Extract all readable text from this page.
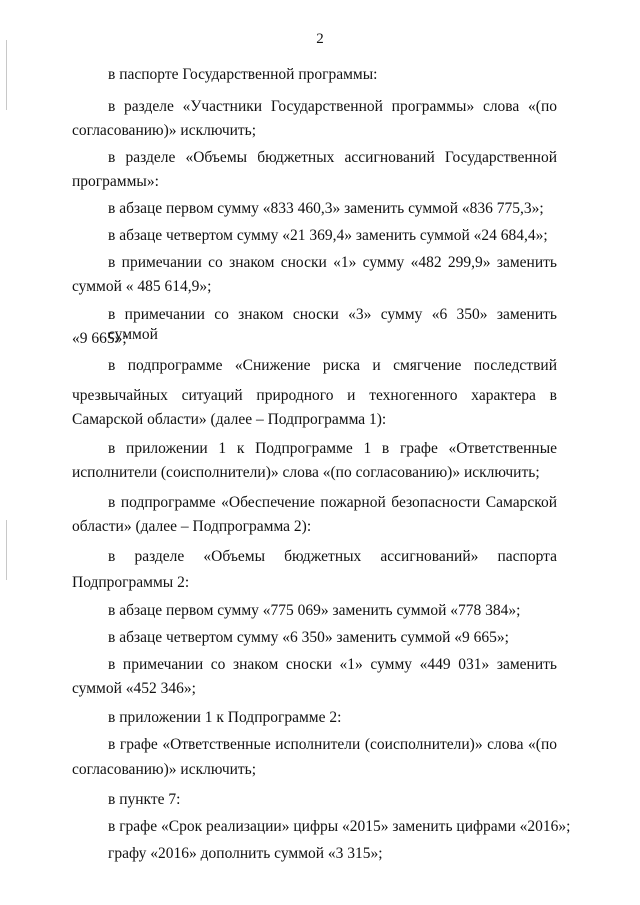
2
в паспорте Государственной программы:
в разделе «Участники Государственной программы» слова «(по
согласованию)» исключить;
в разделе «Объемы бюджетных ассигнований Государственной
программы»:
в абзаце первом сумму «833 460,3» заменить суммой «836 775,3»;
в абзаце четвертом сумму «21 369,4» заменить суммой «24 684,4»;
в примечании со знаком сноски «1» сумму «482 299,9» заменить
суммой « 485 614,9»;
в примечании со знаком сноски «3» сумму «6 350» заменить суммой
«9 665»;
в подпрограмме «Снижение риска и смягчение последствий
чрезвычайных ситуаций природного и техногенного характера в
Самарской области» (далее – Подпрограмма 1):
в приложении 1 к Подпрограмме 1 в графе «Ответственные
исполнители (соисполнители)» слова «(по согласованию)» исключить;
в подпрограмме «Обеспечение пожарной безопасности Самарской
области» (далее – Подпрограмма 2):
в разделе «Объемы бюджетных ассигнований» паспорта
Подпрограммы 2:
в абзаце первом сумму «775 069» заменить суммой «778 384»;
в абзаце четвертом сумму «6 350» заменить суммой «9 665»;
в примечании со знаком сноски «1» сумму «449 031» заменить
суммой «452 346»;
в приложении 1 к Подпрограмме 2:
в графе «Ответственные исполнители (соисполнители)» слова «(по
согласованию)» исключить;
в пункте 7:
в графе «Срок реализации» цифры «2015» заменить цифрами «2016»;
графу «2016» дополнить суммой «3 315»;
